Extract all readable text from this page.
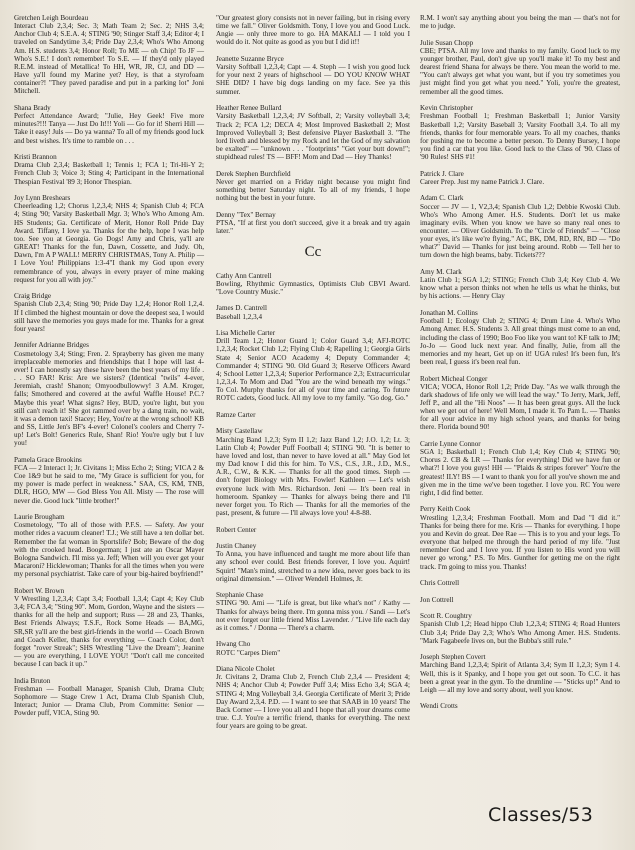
Gretchen Leigh Bourdeau
Interact Club 2,3,4; Sec. 3; Math Team 2; Sec. 2; NHS 3,4; Anchor Club 4; S.E.A. 4; STING '90; Stinger Staff 3,4; Editor 4; I traveled on Sandytime 3,4; Pride Day 2,3,4; Who's Who Among Am. H.S. students 3,4; Honor Roll; To ME — oh Chip! To JF — Who's S.E.! I don't remember! To S.E. — If they'd only played R.E.M. instead of Metallica! To HH, WR, JR, CJ, and DD — Have ya'll found my Marine yet? Hey, is that a styrofoam container?! "They paved paradise and put in a parking lot" Joni Mitchell.
Shana Brady
Perfect Attendance Award; "Julie, Hey Geek! Five more minutes?!!! Tanya — Just Do It!!! Yoli — Go for it! Sherri Hill — Take it easy! Juls — Do ya wanna? To all of my friends good luck and best wishes. It's time to ramble on . . .
Kristi Brannon
Drama Club 2,3,4; Basketball 1; Tennis 1; FCA 1; Tri-Hi-Y 2; French Club 3; Voice 3; Sting 4; Participant in the International Thespian Festival '89 3; Honor Thespian.
Joy Lynn Breshears
Cheerleading 1,2; Chorus 1,2,3,4; NHS 4; Spanish Club 4; FCA 4; Sting '90; Varsity Basketball Mgr. 3; Who's Who Among Am. HS Students; Ga. Certificate of Merit, Honor Roll Pride Day Award. Tiffany, I love ya. Thanks for the help, hope I was help too. See you at Georgia. Go Dogs! Amy and Chris, ya'll are GREAT! Thanks for the fun, Dawn, Cossette, and Judy. Oh, Dawn, I'm A P WALL! MERRY CHRISTMAS, Tony A. Philip — I Love You! Philippians 1:3-4"I thank my God upon every remembrance of you, always in every prayer of mine making request for you all with joy."
Craig Bridge
Spanish Club 2,3,4; Sting '90; Pride Day 1,2,4; Honor Roll 1,2,4. If I climbed the highest mountain or dove the deepest sea, I would still have the memories you guys made for me. Thanks for a great four years!
Jennifer Adrianne Bridges
Cosmetology 3,4; Sting; Fren. 2. Sprayberry has given me many irreplaceable memories and friendships that I hope will last 4-ever! I can honestly say these have been the best years of my life . . . SO FAR! Kris: Are we sisters? (Identical "twils" 4-ever, Jeremiah, crash! Shanon; Omyoodbullowwy! 3 A.M. Kroger, falls; Smothered and covered at the awful Waffle House! P.C.? Maybe this year! What signs? Hey, BUD, you're light, but you still can't reach it! She got rammed over by a dang train, no wait, it was a demon taxi! Stacey; Hey, You're at the wrong school! KB and SS, Little Jen's BF's 4-ever! Colonel's coolers and Cherry 7-up! Let's Bolt! Generics Rule, Shan! Rio! You're ugly but I luv you!
Pamela Grace Brookins
FCA — 2 Interact 1; Jr. Civitans 1; Miss Echo 2; Sting; VICA 2 & Coe 1&9 but he said to me, "My Grace is sufficient for you, for my power is made perfect in weakness." SAA, CS, KM, TNB, DLR, HGO, MW — God Bless You All. Misty — The rose will never die. Good luck "little brother!"
Laurie Brougham
Cosmetology, "To all of those with P.F.S. — Safety. Aw your mother rides a vacuum cleaner! T.J.; We still have a ten dollar bet. Remember the fat woman in Sportslife? Bob; Beware of the dog with the crooked head. Boogerman; I just ate an Oscar Mayer Bologna Sandwich. I'll miss ya. Jeff; When will you ever get your Macaroni? Hicklewoman; Thanks for all the times when you were my personal psychiatrist. Take care of your big-haired boyfriend!"
Robert W. Brown
V Wrestling 1,2,3,4; Capt 3,4; Football 1,3,4; Capt 4; Key Club 3,4; FCA 3,4; "Sting 90". Mom, Gordon, Wayne and the sisters — thanks for all the help and support; Russ — 28 and 23, Thanks, Best Friends Always; T.S.F., Rock Some Heads — BA,MG, SR,SR ya'll are the best girl-friends in the world — Coach Brown and Coach Keller, thanks for everything — Coach Color, don't forget "rover Streak"; SHS Wrestling "Live the Dream"; Jeanine — you are everything, I LOVE YOU! "Don't call me conceited because I can back it up."
India Bruton
Freshman — Football Manager, Spanish Club, Drama Club; Sophomore — Stage Crew 1 Act, Drama Club Spanish Club, Interact; Junior — Drama Club, Prom Committe: Senior — Powder puff, VICA, Sting 90.
"Our greatest glory consists not in never failing, but in rising every time we fall." Oliver Goldsmith. Tony, I love you and Good Luck. Angie — only three more to go. HA MAKALI — I told you I would do it. Not quite as good as you but I did it!!
Jeanette Suzanne Bryce
Varsity Softball 1,2,3,4; Capt — 4. Steph — I wish you good luck for your next 2 years of highschool — DO YOU KNOW WHAT SHE DID? I have big dogs landing on my face. See ya this summer.
Heather Renee Bullard
Varsity Basketball 1,2,3,4; JV Softball, 2; Varsity volleyball 3,4; Track 2; FCA 1,2; DECA 4; Most Improved Basketball 2; Most Improved Volleyball 3; Best defensive Player Basketball 3. "The lord liveth and blessed by my Rock and let the God of my salvation be exalted" — "unknown . . . "footprints" "Get your butt down!"; stupidhead rules! TS — BFF! Mom and Dad — Hey Thanks!
Derek Stephen Burchfield
Never get married on a Friday night because you might find something better Saturday night. To all of my friends, I hope nothing but the best in your future.
Denny "Tex" Bernay
PTSA, "If at first you don't succeed, give it a break and try again later."
Cc
Cathy Ann Cantrell
Bowling, Rhythmic Gymnastics, Optimists Club CBVI Award. "Love Country Music."
James D. Cantrell
Baseball 1,2,3,4
Lisa Michelle Carter
Drill Team 1,2; Honor Guard 1; Color Guard 3,4; AFJ-ROTC 1,2,3,4; Rocket Club 1,2; Flying Club 4; Rapelling 1; Georgia Girls State 4; Senior ACO Academy 4; Deputy Commander 4; Commander 4; STING '90. Old Guard 3; Reserve Officers Award 4; School Letter 1,2,3,4; Superior Performance 2,3; Extracurricular 1,2,3,4. To Mom and Dad "You are the wind beneath my wings." To Col. Murphy thanks for all of your time and caring. To future ROTC cadets, Good luck. All my love to my family. "Go dog. Go."
Ramze Carter
Misty Castellaw
Marching Band 1,2,3; Sym II 1,2; Jazz Band 1,2; J.O. 1,2; Lt. 3; Latin Club 4; Powder Puff Football 4; STING '90. "It is better to have loved and lost, than never to have loved at all." May God let my Dad know I did this for him. To V.S., C.S., J.R., J.D., M.S., A.R., C.W., & K.K. — Thanks for all the good times. Steph — don't forget Biology with Mrs. Fowler! Kathleen — Let's wish everyone luck with Mrs. Richardson. Jeni — It's been real in homeroom. Spankey — Thanks for always being there and I'll never forget you. To Rich — Thanks for all the memories of the past, present, & future — I'll always love you! 4-8-88.
Robert Center
Justin Chaney
To Anna, you have influenced and taught me more about life than any school ever could. Best friends forever, I love you. Aquirt! Squirt! "Man's mind, stretched to a new idea, never goes back to its original dimension." — Oliver Wendell Holmes, Jr.
Stephanie Chase
STING '90. Ami — "Life is great, but like what's not" / Kathy — Thanks for always being there. I'm gonna miss you. / Sandi — Let's not ever forget our little friend Miss Lavender. / "Live life each day as it comes." / Donna — There's a charm.
Hwang Cho
ROTC "Carpes Diem"
Diana Nicole Cholet
Jr. Civitans 2, Drama Club 2, French Club 2,3,4 — President 4; NHS 4; Anchor Club 4; Powder Puff 3,4; Miss Echo 3,4; SGA 4; STING 4; Mng Volleyball 3,4. Georgia Certificate of Merit 3; Pride Day Award 2,3,4. P.D. — I want to see that SAAB in 10 years! The Back Corner — I love you all and I hope that all your dreams come true. C.J. You're a terrific friend, thanks for everything. The next four years are going to be great.
R.M. I won't say anything about you being the man — that's not for me to judge.
Julie Susan Chopp
CBE; PTSA. All my love and thanks to my family. Good luck to my younger brother, Paul, don't give up you'll make it! To my best and dearest friend Shana for always be there. You mean the world to me. "You can't always get what you want, but if you try sometimes you just might find you get what you need." Yoli, you're the greatest, remember all the good times.
Kevin Christopher
Freshman Football 1; Freshman Basketball 1; Junior Varsity Basketball 1,2; Varsity Baseball 3; Varsity Football 3,4. To all my friends, thanks for four memorable years. To all my coaches, thanks for pushing me to become a better person. To Denny Bursey, I hope you find a car that you like. Good luck to the Class of '90. Class of '90 Rules! SHS #1!
Patrick J. Clare
Career Prep. Just my name Patrick J. Clare.
Adam C. Clark
Soccer — JV — 1, V2,3,4; Spanish Club 1,2; Debbie Kwoski Club. Who's Who Among Amer. H.S. Students. Don't let us make imaginary evils. When you know we have so many real ones to encounter. — Oliver Goldsmith. To the "Circle of Friends" — "Close your eyes, it's like we're flying." AC, BK, DM, RD, RN, BD — "Do what?" David — Thanks for just being around. Robb — Tell her to turn down the high beams, baby. Tickets???
Amy M. Clark
Latin Club 1; SGA 1,2; STING; French Club 3,4; Key Club 4. We know what a person thinks not when he tells us what he thinks, but by his actions. — Henry Clay
Jonathan M. Collins
Football 1; Ecology Club 2; STING 4; Drum Line 4. Who's Who Among Amer. H.S. Students 3. All great things must come to an end, including the class of 1990; Boo Foo like you want to! KF talk to JM; Jo-Jo — Good luck next year. And finally, Julie, from all the memories and my heart, Get up on it! UGA rules! It's been fun, It's been real, I guess it's been real fun.
Robert Micheal Conger
VICA; VOCA, Honor Roll 1,2; Pride Day. "As we walk through the dark shadows of life only we will lead the way." To Jerry, Mark, Jeff, Jeff P., and all the "Hi Noos" — It has been great guys. All the luck when we get out of here! Well Mom, I made it. To Pam L. — Thanks for all your advice in my high school years, and thanks for being there. Florida bound 90!
Carrie Lynne Connor
SGA 1; Basketball 1; French Club 1,4; Key Club 4; STING '90; Chorus 2. CB & LR — Thanks for everything! Did we have fun or what?! I love you guys! HH — "Plaids & stripes forever" You're the greatest! ILY! BS — I want to thank you for all you've shown me and given me in the time we've been together. I love you. RC You were right, I did find better.
Perry Keith Cook
Wrestling 1,2,3,4; Freshman Football. Mom and Dad "I did it." Thanks for being there for me. Kris — Thanks for everything. I hope you and Kevin do great. Dee Rae — This is to you and your legs. To everyone that helped me through the hard period of my life. "Just remember God and I love you. If you listen to His word you will never go wrong." P.S. To Mrs. Gunther for getting me on the right track. I'm going to miss you. Thanks!
Chris Cottrell
Jon Cottrell
Scott R. Coughtry
Spanish Club 1,2; Head hippo Club 1,2,3,4; STING 4; Road Hunters Club 3,4; Pride Day 2,3; Who's Who Among Amer. H.S. Students. "Mark Fagabeefe lives on, but the Bubba's still rule."
Joseph Stephen Covert
Marching Band 1,2,3,4; Spirit of Atlanta 3,4; Sym II 1,2,3; Sym I 4. Well, this is it Spanky, and I hope you get out soon. To C.C. it has been a great year in the gym. To the drumline — "Sticks up!" And to Leigh — all my love and sorry about, well you know.
Wendi Crotts
Classes/53
